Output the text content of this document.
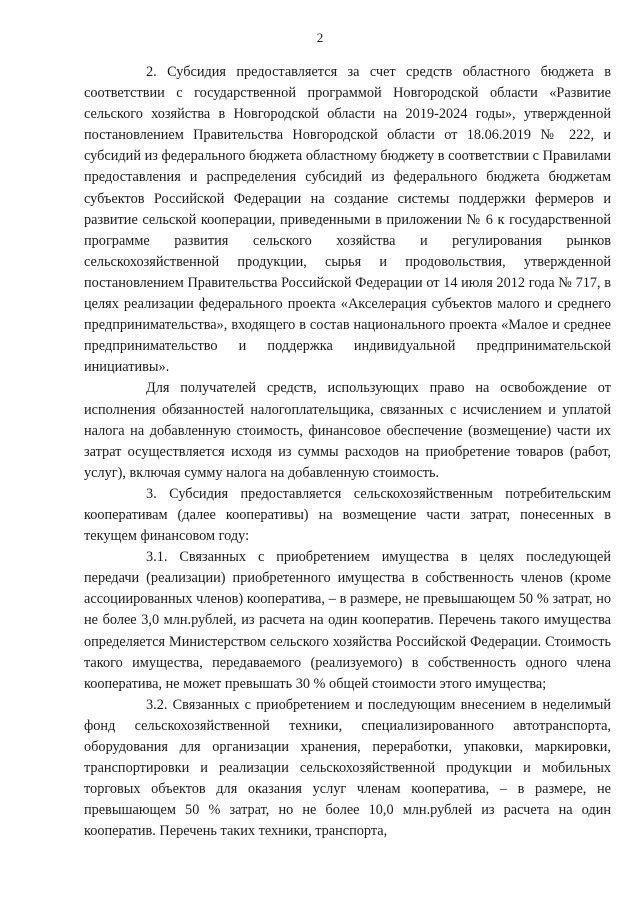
2

2. Субсидия предоставляется за счет средств областного бюджета в соответствии с государственной программой Новгородской области «Развитие сельского хозяйства в Новгородской области на 2019-2024 годы», утвержденной постановлением Правительства Новгородской области от 18.06.2019 № 222, и субсидий из федерального бюджета областному бюджету в соответствии с Правилами предоставления и распределения субсидий из федерального бюджета бюджетам субъектов Российской Федерации на создание системы поддержки фермеров и развитие сельской кооперации, приведенными в приложении № 6 к государственной программе развития сельского хозяйства и регулирования рынков сельскохозяйственной продукции, сырья и продовольствия, утвержденной постановлением Правительства Российской Федерации от 14 июля 2012 года № 717, в целях реализации федерального проекта «Акселерация субъектов малого и среднего предпринимательства», входящего в состав национального проекта «Малое и среднее предпринимательство и поддержка индивидуальной предпринимательской инициативы».

Для получателей средств, использующих право на освобождение от исполнения обязанностей налогоплательщика, связанных с исчислением и уплатой налога на добавленную стоимость, финансовое обеспечение (возмещение) части их затрат осуществляется исходя из суммы расходов на приобретение товаров (работ, услуг), включая сумму налога на добавленную стоимость.

3. Субсидия предоставляется сельскохозяйственным потребительским кооперативам (далее кооперативы) на возмещение части затрат, понесенных в текущем финансовом году:

3.1. Связанных с приобретением имущества в целях последующей передачи (реализации) приобретенного имущества в собственность членов (кроме ассоциированных членов) кооператива, – в размере, не превышающем 50 % затрат, но не более 3,0 млн.рублей, из расчета на один кооператив. Перечень такого имущества определяется Министерством сельского хозяйства Российской Федерации. Стоимость такого имущества, передаваемого (реализуемого) в собственность одного члена кооператива, не может превышать 30 % общей стоимости этого имущества;

3.2. Связанных с приобретением и последующим внесением в неделимый фонд сельскохозяйственной техники, специализированного автотранспорта, оборудования для организации хранения, переработки, упаковки, маркировки, транспортировки и реализации сельскохозяйственной продукции и мобильных торговых объектов для оказания услуг членам кооператива, – в размере, не превышающем 50 % затрат, но не более 10,0 млн.рублей из расчета на один кооператив. Перечень таких техники, транспорта,
